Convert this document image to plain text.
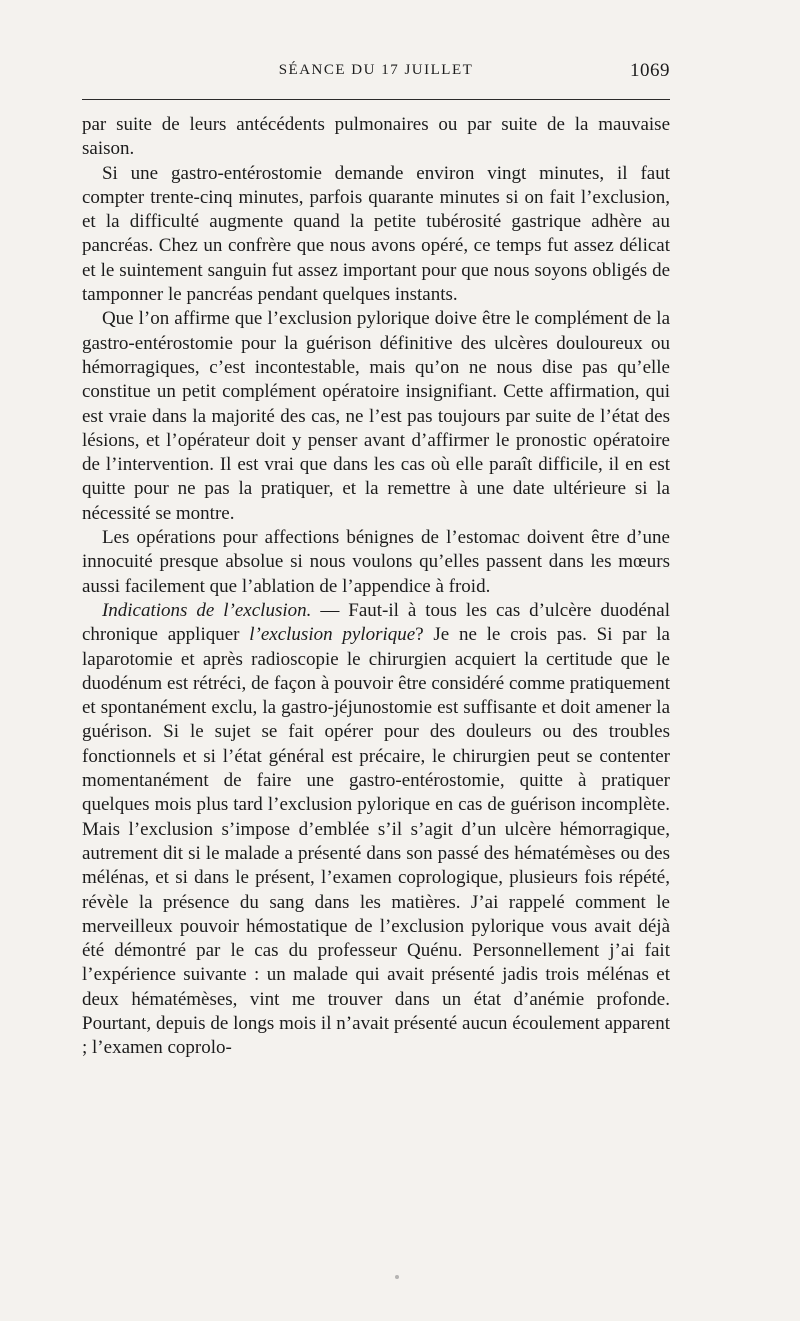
SÉANCE DU 17 JUILLET	1069

par suite de leurs antécédents pulmonaires ou par suite de la mauvaise saison.

Si une gastro-entérostomie demande environ vingt minutes, il faut compter trente-cinq minutes, parfois quarante minutes si on fait l’exclusion, et la difficulté augmente quand la petite tubérosité gastrique adhère au pancréas. Chez un confrère que nous avons opéré, ce temps fut assez délicat et le suintement sanguin fut assez important pour que nous soyons obligés de tamponner le pancréas pendant quelques instants.

Que l’on affirme que l’exclusion pylorique doive être le complément de la gastro-entérostomie pour la guérison définitive des ulcères douloureux ou hémorragiques, c’est incontestable, mais qu’on ne nous dise pas qu’elle constitue un petit complément opératoire insignifiant. Cette affirmation, qui est vraie dans la majorité des cas, ne l’est pas toujours par suite de l’état des lésions, et l’opérateur doit y penser avant d’affirmer le pronostic opératoire de l’intervention. Il est vrai que dans les cas où elle paraît difficile, il en est quitte pour ne pas la pratiquer, et la remettre à une date ultérieure si la nécessité se montre.

Les opérations pour affections bénignes de l’estomac doivent être d’une innocuité presque absolue si nous voulons qu’elles passent dans les mœurs aussi facilement que l’ablation de l’appendice à froid.

Indications de l’exclusion. — Faut-il à tous les cas d’ulcère duodénal chronique appliquer l’exclusion pylorique? Je ne le crois pas. Si par la laparotomie et après radioscopie le chirurgien acquiert la certitude que le duodénum est rétréci, de façon à pouvoir être considéré comme pratiquement et spontanément exclu, la gastro-jéjunostomie est suffisante et doit amener la guérison. Si le sujet se fait opérer pour des douleurs ou des troubles fonctionnels et si l’état général est précaire, le chirurgien peut se contenter momentanément de faire une gastro-entérostomie, quitte à pratiquer quelques mois plus tard l’exclusion pylorique en cas de guérison incomplète. Mais l’exclusion s’impose d’emblée s’il s’agit d’un ulcère hémorragique, autrement dit si le malade a présenté dans son passé des hématémèses ou des mélénas, et si dans le présent, l’examen coprologique, plusieurs fois répété, révèle la présence du sang dans les matières. J’ai rappelé comment le merveilleux pouvoir hémostatique de l’exclusion pylorique vous avait déjà été démontré par le cas du professeur Quénu. Personnellement j’ai fait l’expérience suivante : un malade qui avait présenté jadis trois mélénas et deux hématémèses, vint me trouver dans un état d’anémie profonde. Pourtant, depuis de longs mois il n’avait présenté aucun écoulement apparent ; l’examen coprolo-
